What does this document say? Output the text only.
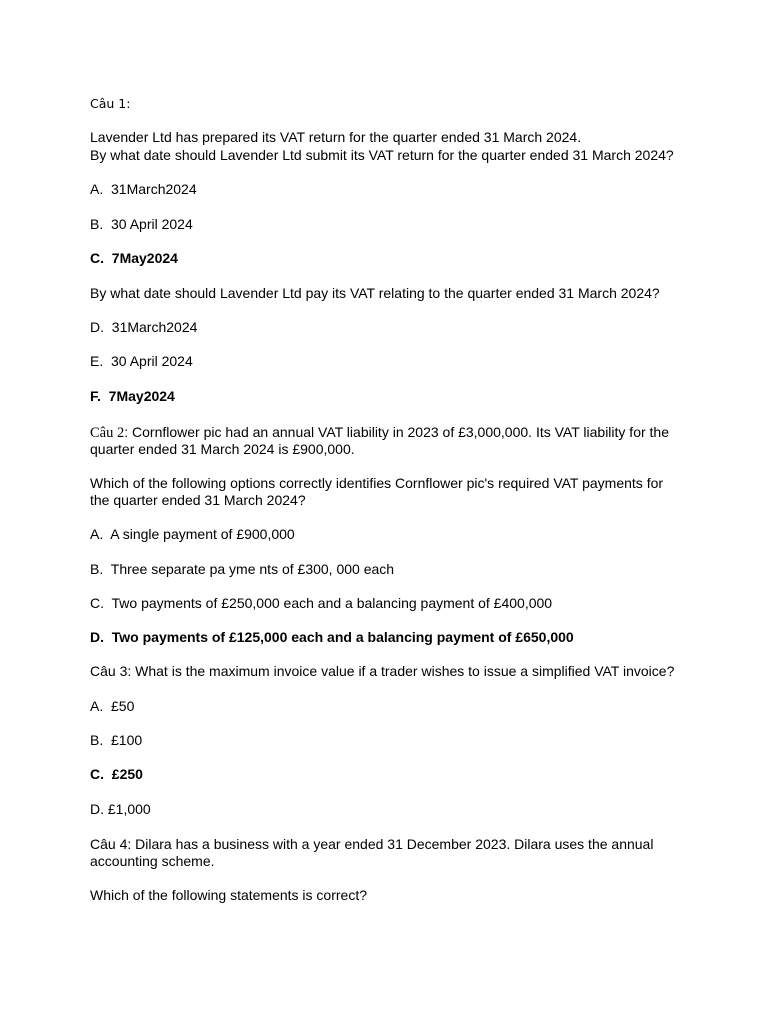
Câu 1:
Lavender Ltd has prepared its VAT return for the quarter ended 31 March 2024.
By what date should Lavender Ltd submit its VAT return for the quarter ended 31 March 2024?
A. 31March2024
B. 30 April 2024
C. 7May2024
By what date should Lavender Ltd pay its VAT relating to the quarter ended 31 March 2024?
D. 31March2024
E. 30 April 2024
F. 7May2024
Câu 2: Cornflower pic had an annual VAT liability in 2023 of £3,000,000. Its VAT liability for the
quarter ended 31 March 2024 is £900,000.
Which of the following options correctly identifies Cornflower pic's required VAT payments for
the quarter ended 31 March 2024?
A. A single payment of £900,000
B. Three separate pa yme nts of £300, 000 each
C. Two payments of £250,000 each and a balancing payment of £400,000
D. Two payments of £125,000 each and a balancing payment of £650,000
Câu 3: What is the maximum invoice value if a trader wishes to issue a simplified VAT invoice?
A. £50
B. £100
C. £250
D. £1,000
Câu 4: Dilara has a business with a year ended 31 December 2023. Dilara uses the annual
accounting scheme.
Which of the following statements is correct?
